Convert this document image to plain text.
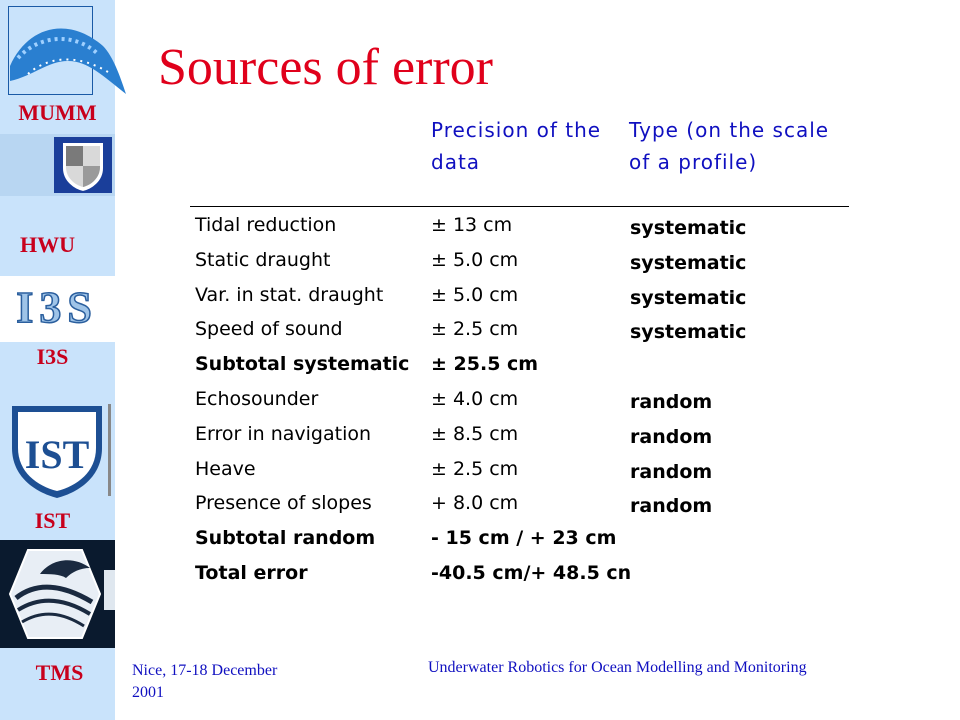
MUMM
HWU
I3S
I3S
IST
IST
TMS
Sources of error
Precision of the
data
Type (on the scale
of a profile)
Tidal reduction	± 13 cm	systematic
Static draught	± 5.0 cm	systematic
Var. in stat. draught	± 5.0 cm	systematic
Speed of sound	± 2.5 cm	systematic
Subtotal systematic ± 25.5 cm
Echosounder	± 4.0 cm	random
Error in navigation	± 8.5 cm	random
Heave	± 2.5 cm	random
Presence of slopes	+ 8.0 cm	random
Subtotal random	- 15 cm / + 23 cm
Total error	-40.5 cm/+ 48.5 cn
Nice, 17-18 December
2001
Underwater Robotics for Ocean Modelling and Monitoring
